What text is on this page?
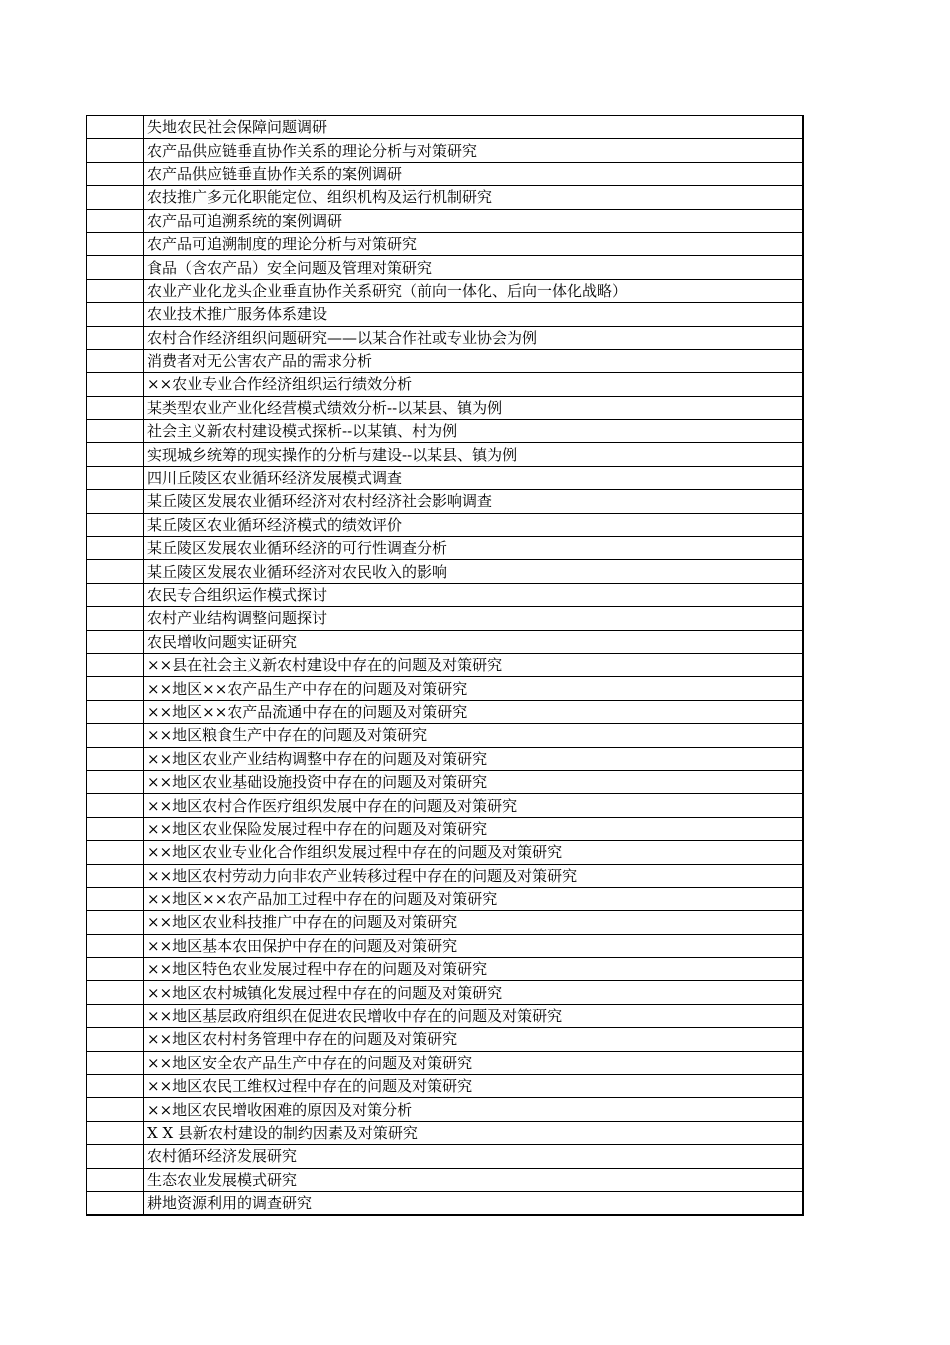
	失地农民社会保障问题调研
	农产品供应链垂直协作关系的理论分析与对策研究
	农产品供应链垂直协作关系的案例调研
	农技推广多元化职能定位、组织机构及运行机制研究
	农产品可追溯系统的案例调研
	农产品可追溯制度的理论分析与对策研究
	食品（含农产品）安全问题及管理对策研究
	农业产业化龙头企业垂直协作关系研究（前向一体化、后向一体化战略）
	农业技术推广服务体系建设
	农村合作经济组织问题研究——以某合作社或专业协会为例
	消费者对无公害农产品的需求分析
	××农业专业合作经济组织运行绩效分析
	某类型农业产业化经营模式绩效分析--以某县、镇为例
	社会主义新农村建设模式探析--以某镇、村为例
	实现城乡统筹的现实操作的分析与建设--以某县、镇为例
	四川丘陵区农业循环经济发展模式调查
	某丘陵区发展农业循环经济对农村经济社会影响调查
	某丘陵区农业循环经济模式的绩效评价
	某丘陵区发展农业循环经济的可行性调查分析
	某丘陵区发展农业循环经济对农民收入的影响
	农民专合组织运作模式探讨
	农村产业结构调整问题探讨
	农民增收问题实证研究
	××县在社会主义新农村建设中存在的问题及对策研究
	××地区××农产品生产中存在的问题及对策研究
	××地区××农产品流通中存在的问题及对策研究
	××地区粮食生产中存在的问题及对策研究
	××地区农业产业结构调整中存在的问题及对策研究
	××地区农业基础设施投资中存在的问题及对策研究
	××地区农村合作医疗组织发展中存在的问题及对策研究
	××地区农业保险发展过程中存在的问题及对策研究
	××地区农业专业化合作组织发展过程中存在的问题及对策研究
	××地区农村劳动力向非农产业转移过程中存在的问题及对策研究
	××地区××农产品加工过程中存在的问题及对策研究
	××地区农业科技推广中存在的问题及对策研究
	××地区基本农田保护中存在的问题及对策研究
	××地区特色农业发展过程中存在的问题及对策研究
	××地区农村城镇化发展过程中存在的问题及对策研究
	××地区基层政府组织在促进农民增收中存在的问题及对策研究
	××地区农村村务管理中存在的问题及对策研究
	××地区安全农产品生产中存在的问题及对策研究
	××地区农民工维权过程中存在的问题及对策研究
	××地区农民增收困难的原因及对策分析
	X X 县新农村建设的制约因素及对策研究
	农村循环经济发展研究
	生态农业发展模式研究
	耕地资源利用的调查研究
